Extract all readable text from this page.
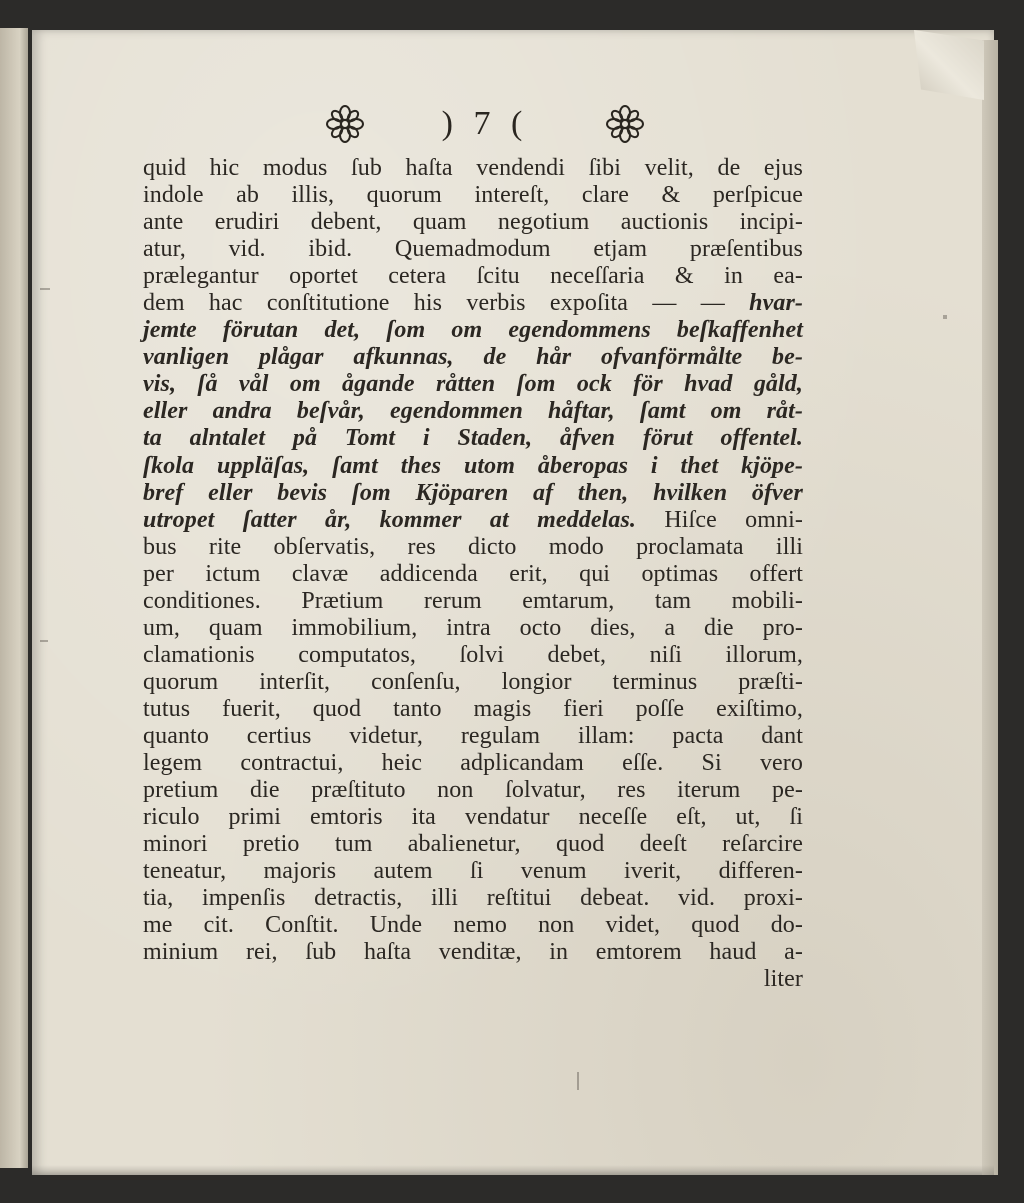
) 7 (
quid hic modus ſub haſta vendendi ſibi velit, de ejus
indole ab illis, quorum intereſt, clare & perſpicue
ante erudiri debent, quam negotium auctionis incipi-
atur, vid. ibid. Quemadmodum etjam præſentibus
prælegantur oportet cetera ſcitu neceſſaria & in ea-
dem hac conſtitutione his verbis expoſita — — hvar-
jemte förutan det, ſom om egendommens beſkaffenhet
vanligen plågar afkunnas, de hår ofvanförmålte be-
vis, ſå vål om ågande råtten ſom ock för hvad gåld,
eller andra beſvår, egendommen håftar, ſamt om råt-
ta alntalet på Tomt i Staden, åfven förut offentel.
ſkola uppläſas, ſamt thes utom åberopas i thet kjöpe-
bref eller bevis ſom Kjöparen af then, hvilken öfver
utropet ſatter år, kommer at meddelas. Hiſce omni-
bus rite obſervatis, res dicto modo proclamata illi
per ictum clavæ addicenda erit, qui optimas offert
conditiones. Prætium rerum emtarum, tam mobili-
um, quam immobilium, intra octo dies, a die pro-
clamationis computatos, ſolvi debet, niſi illorum,
quorum interſit, conſenſu, longior terminus præſti-
tutus fuerit, quod tanto magis fieri poſſe exiſtimo,
quanto certius videtur, regulam illam: pacta dant
legem contractui, heic adplicandam eſſe. Si vero
pretium die præſtituto non ſolvatur, res iterum pe-
riculo primi emtoris ita vendatur neceſſe eſt, ut, ſi
minori pretio tum abalienetur, quod deeſt reſarcire
teneatur, majoris autem ſi venum iverit, differen-
tia, impenſis detractis, illi reſtitui debeat. vid. proxi-
me cit. Conſtit. Unde nemo non videt, quod do-
minium rei, ſub haſta venditæ, in emtorem haud a-
liter
